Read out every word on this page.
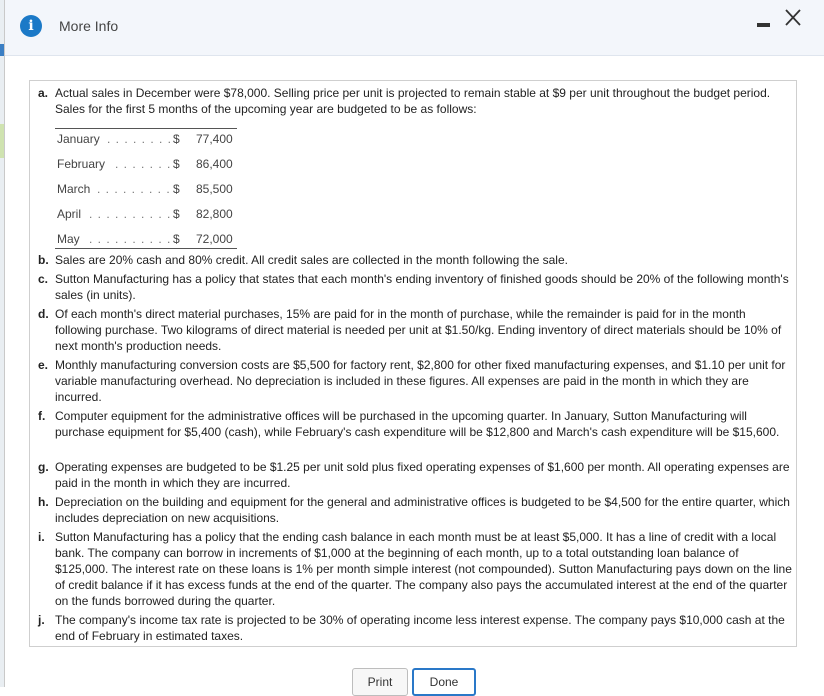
i	More Info
a. Actual sales in December were $78,000. Selling price per unit is projected to remain stable at $9 per unit throughout the budget period. Sales for the first 5 months of the upcoming year are budgeted to be as follows:
January . . . . . . . . $ 77,400
February . . . . . . . $ 86,400
March . . . . . . . . . $ 85,500
April . . . . . . . . . . $ 82,800
May . . . . . . . . . . $ 72,000
b. Sales are 20% cash and 80% credit. All credit sales are collected in the month following the sale.
c. Sutton Manufacturing has a policy that states that each month's ending inventory of finished goods should be 20% of the following month's sales (in units).
d. Of each month's direct material purchases, 15% are paid for in the month of purchase, while the remainder is paid for in the month following purchase. Two kilograms of direct material is needed per unit at $1.50/kg. Ending inventory of direct materials should be 10% of next month's production needs.
e. Monthly manufacturing conversion costs are $5,500 for factory rent, $2,800 for other fixed manufacturing expenses, and $1.10 per unit for variable manufacturing overhead. No depreciation is included in these figures. All expenses are paid in the month in which they are incurred.
f. Computer equipment for the administrative offices will be purchased in the upcoming quarter. In January, Sutton Manufacturing will purchase equipment for $5,400 (cash), while February's cash expenditure will be $12,800 and March's cash expenditure will be $15,600.
g. Operating expenses are budgeted to be $1.25 per unit sold plus fixed operating expenses of $1,600 per month. All operating expenses are paid in the month in which they are incurred.
h. Depreciation on the building and equipment for the general and administrative offices is budgeted to be $4,500 for the entire quarter, which includes depreciation on new acquisitions.
i. Sutton Manufacturing has a policy that the ending cash balance in each month must be at least $5,000. It has a line of credit with a local bank. The company can borrow in increments of $1,000 at the beginning of each month, up to a total outstanding loan balance of $125,000. The interest rate on these loans is 1% per month simple interest (not compounded). Sutton Manufacturing pays down on the line of credit balance if it has excess funds at the end of the quarter. The company also pays the accumulated interest at the end of the quarter on the funds borrowed during the quarter.
j. The company's income tax rate is projected to be 30% of operating income less interest expense. The company pays $10,000 cash at the end of February in estimated taxes.
Print	Done
